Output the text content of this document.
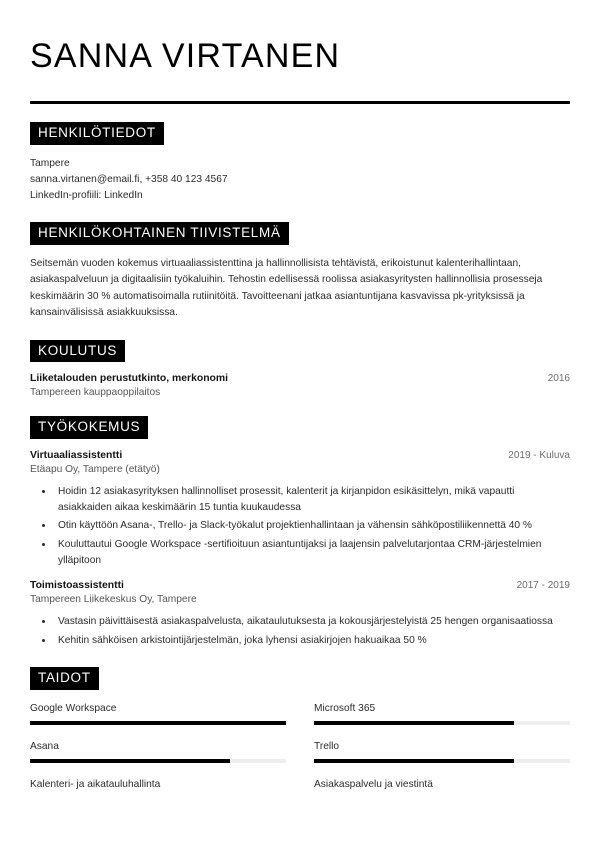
SANNA VIRTANEN
HENKILÖTIEDOT
Tampere
sanna.virtanen@email.fi, +358 40 123 4567
LinkedIn-profiili: LinkedIn
HENKILÖKOHTAINEN TIIVISTELMÄ

Seitsemän vuoden kokemus virtuaaliassistenttina ja hallinnollisista tehtävistä, erikoistunut kalenterihallintaan, asiakaspalveluun ja digitaalisiin työkaluihin. Tehostin edellisessä roolissa asiakasyritysten hallinnollisia prosesseja keskimäärin 30 % automatisoimalla rutiinitöitä. Tavoitteenani jatkaa asiantuntijana kasvavissa pk-yrityksissä ja kansainvälisissä asiakkuuksissa.

KOULUTUS
Liiketalouden perustutkinto, merkonomi	2016
Tampereen kauppaoppilaitos
TYÖKOKEMUS
Virtuaaliassistentti	2019 - Kuluva
Etäapu Oy, Tampere (etätyö)
• Hoidin 12 asiakasyrityksen hallinnolliset prosessit, kalenterit ja kirjanpidon esikäsittelyn, mikä vapautti asiakkaiden aikaa keskimäärin 15 tuntia kuukaudessa
• Otin käyttöön Asana-, Trello- ja Slack-työkalut projektienhallintaan ja vähensin sähköpostiliikennettä 40 %
• Kouluttautui Google Workspace -sertifioituun asiantuntijaksi ja laajensin palvelutarjontaa CRM-järjestelmien ylläpitoon
Toimistoassistentti	2017 - 2019
Tampereen Liikekeskus Oy, Tampere
• Vastasin päivittäisestä asiakaspalvelusta, aikataulutuksesta ja kokousjärjestelyistä 25 hengen organisaatiossa
• Kehitin sähköisen arkistointijärjestelmän, joka lyhensi asiakirjojen hakuaikaa 50 %
TAIDOT
Google Workspace	Microsoft 365
Asana	Trello
Kalenteri- ja aikatauluhallinta	Asiakaspalvelu ja viestintä
